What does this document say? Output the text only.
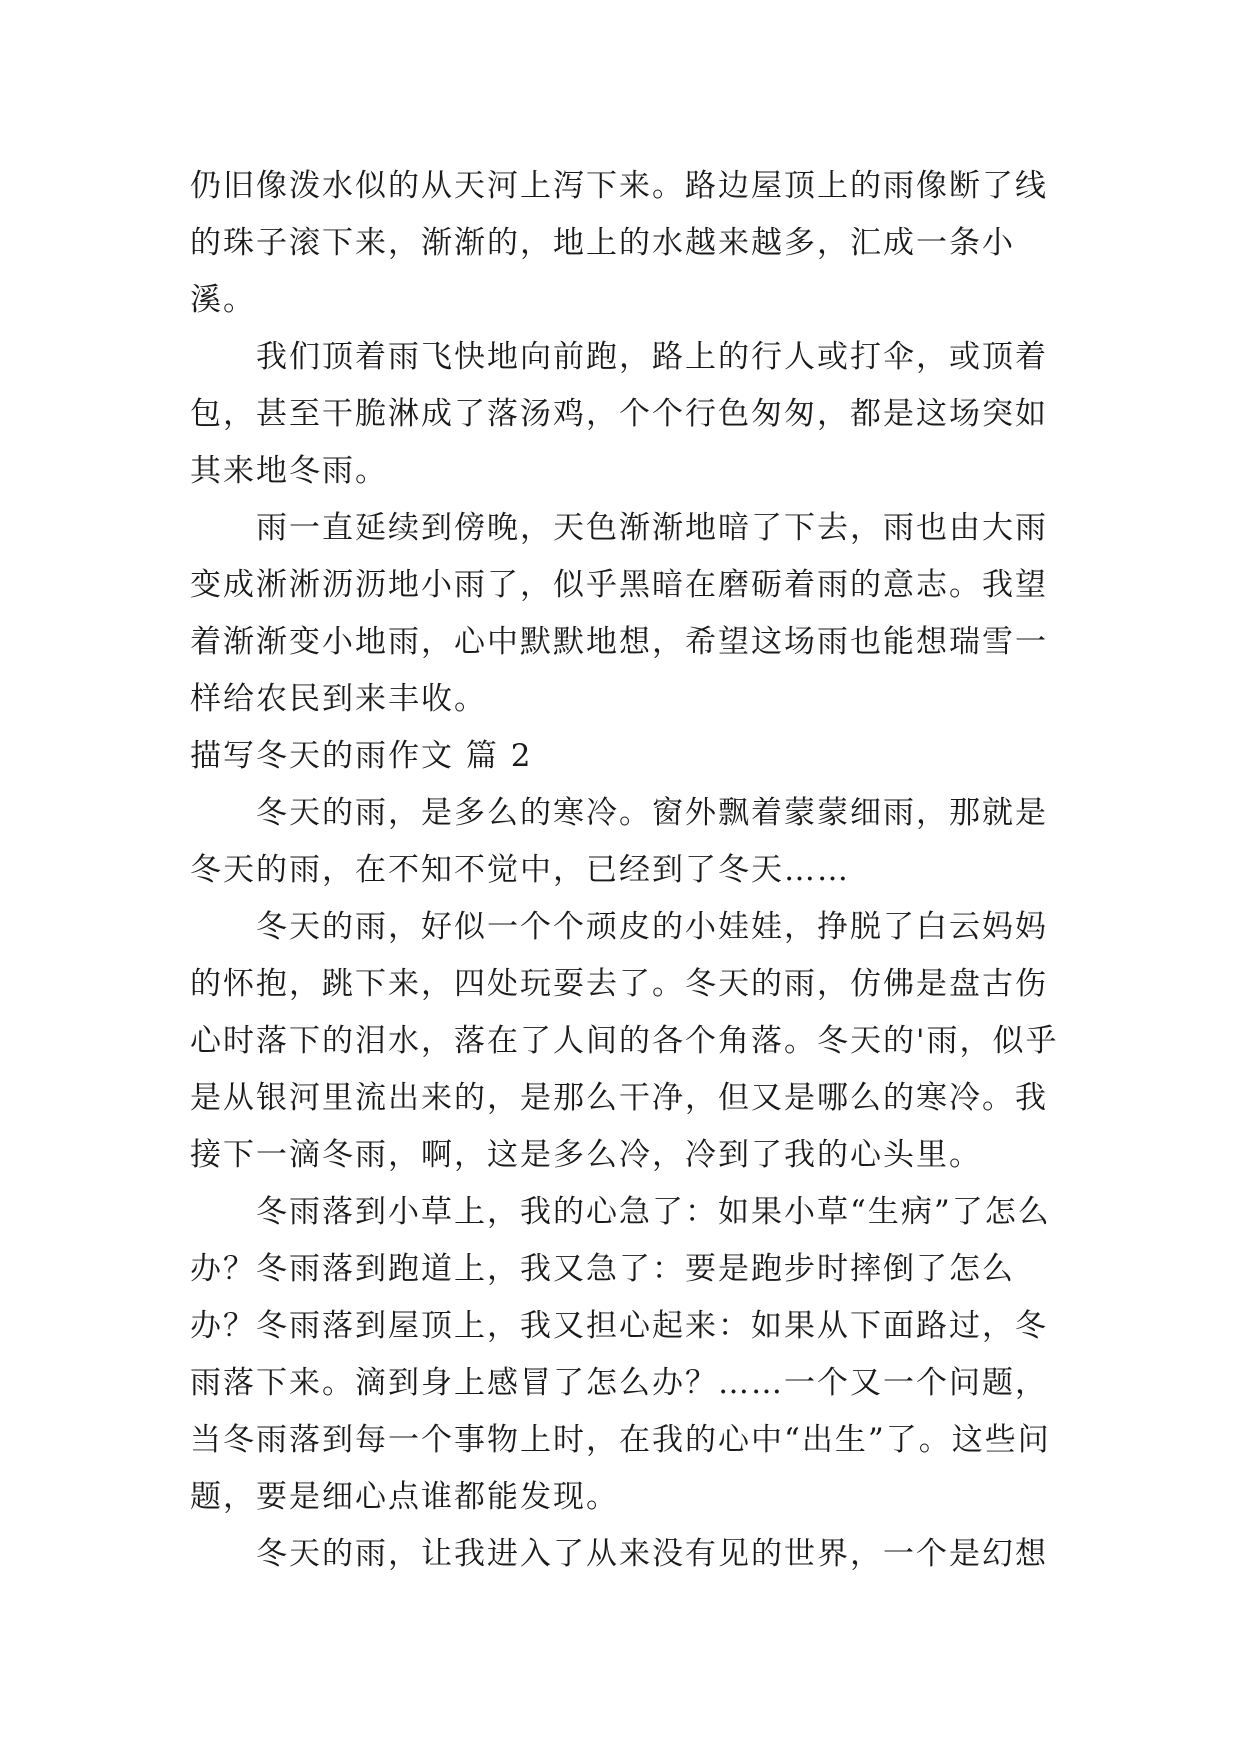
仍旧像泼水似的从天河上泻下来。路边屋顶上的雨像断了线的珠子滚下来，渐渐的，地上的水越来越多，汇成一条小溪。

我们顶着雨飞快地向前跑，路上的行人或打伞，或顶着包，甚至干脆淋成了落汤鸡，个个行色匆匆，都是这场突如其来地冬雨。

雨一直延续到傍晚，天色渐渐地暗了下去，雨也由大雨变成淅淅沥沥地小雨了，似乎黑暗在磨砺着雨的意志。我望着渐渐变小地雨，心中默默地想，希望这场雨也能想瑞雪一样给农民到来丰收。

描写冬天的雨作文 篇 2

冬天的雨，是多么的寒冷。窗外飘着蒙蒙细雨，那就是冬天的雨，在不知不觉中，已经到了冬天……

冬天的雨，好似一个个顽皮的小娃娃，挣脱了白云妈妈的怀抱，跳下来，四处玩耍去了。冬天的雨，仿佛是盘古伤心时落下的泪水，落在了人间的各个角落。冬天的'雨，似乎是从银河里流出来的，是那么干净，但又是哪么的寒冷。我接下一滴冬雨，啊，这是多么冷，冷到了我的心头里。

冬雨落到小草上，我的心急了：如果小草“生病”了怎么办？冬雨落到跑道上，我又急了：要是跑步时摔倒了怎么办？冬雨落到屋顶上，我又担心起来：如果从下面路过，冬雨落下来。滴到身上感冒了怎么办？……一个又一个问题，当冬雨落到每一个事物上时，在我的心中“出生”了。这些问题，要是细心点谁都能发现。

冬天的雨，让我进入了从来没有见的世界，一个是幻想
